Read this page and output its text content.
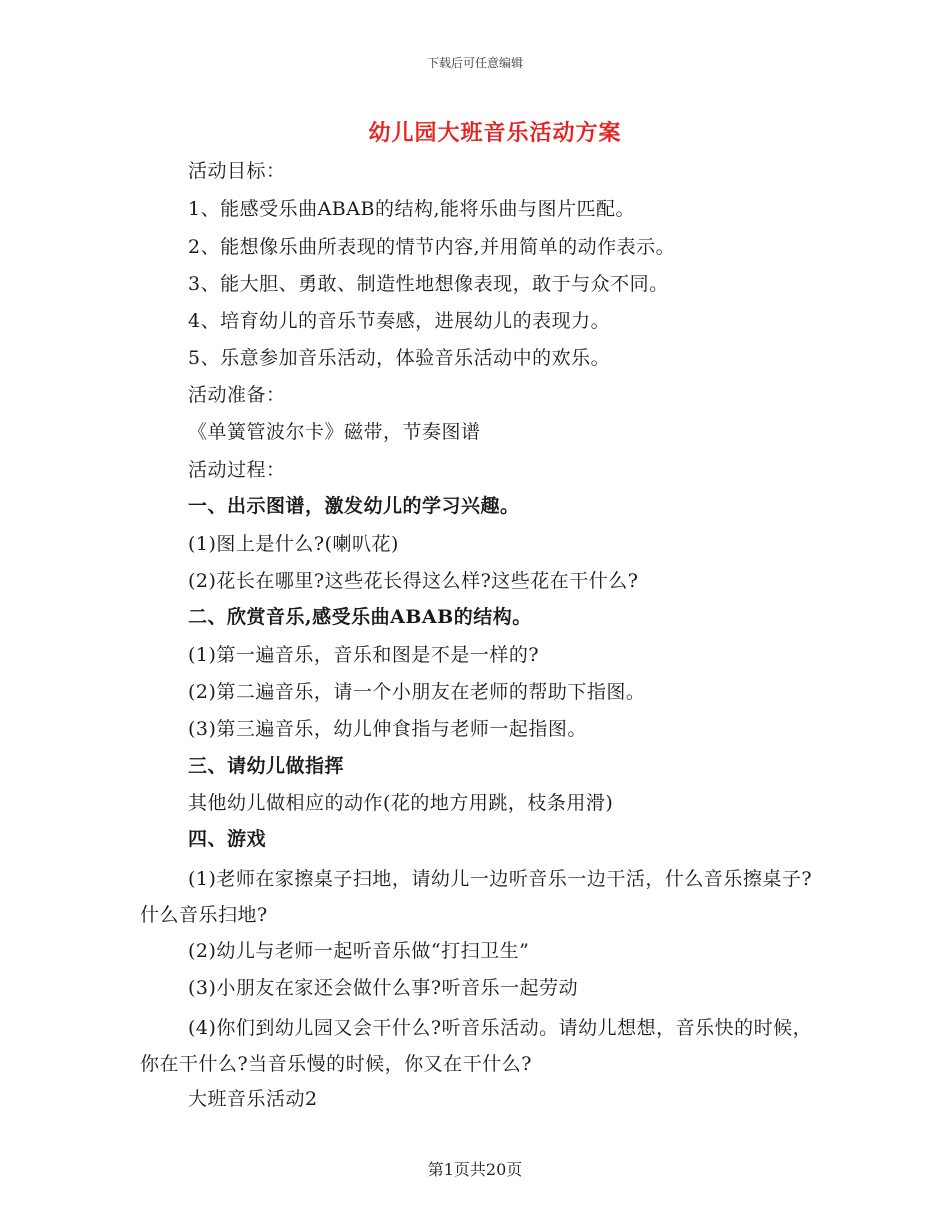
下载后可任意编辑
幼儿园大班音乐活动方案
活动目标：
1、能感受乐曲ABAB的结构,能将乐曲与图片匹配。
2、能想像乐曲所表现的情节内容,并用简单的动作表示。
3、能大胆、勇敢、制造性地想像表现，敢于与众不同。
4、培育幼儿的音乐节奏感，进展幼儿的表现力。
5、乐意参加音乐活动，体验音乐活动中的欢乐。
活动准备：
《单簧管波尔卡》磁带，节奏图谱
活动过程：
一、出示图谱，激发幼儿的学习兴趣。
(1)图上是什么?(喇叭花)
(2)花长在哪里?这些花长得这么样?这些花在干什么?
二、欣赏音乐,感受乐曲ABAB的结构。
(1)第一遍音乐，音乐和图是不是一样的?
(2)第二遍音乐，请一个小朋友在老师的帮助下指图。
(3)第三遍音乐，幼儿伸食指与老师一起指图。
三、请幼儿做指挥
其他幼儿做相应的动作(花的地方用跳，枝条用滑)
四、游戏
(1)老师在家擦桌子扫地，请幼儿一边听音乐一边干活，什么音乐擦桌子?什么音乐扫地?
(2)幼儿与老师一起听音乐做“打扫卫生”
(3)小朋友在家还会做什么事?听音乐一起劳动
(4)你们到幼儿园又会干什么?听音乐活动。请幼儿想想，音乐快的时候，你在干什么?当音乐慢的时候，你又在干什么?
大班音乐活动2
第1页共20页
